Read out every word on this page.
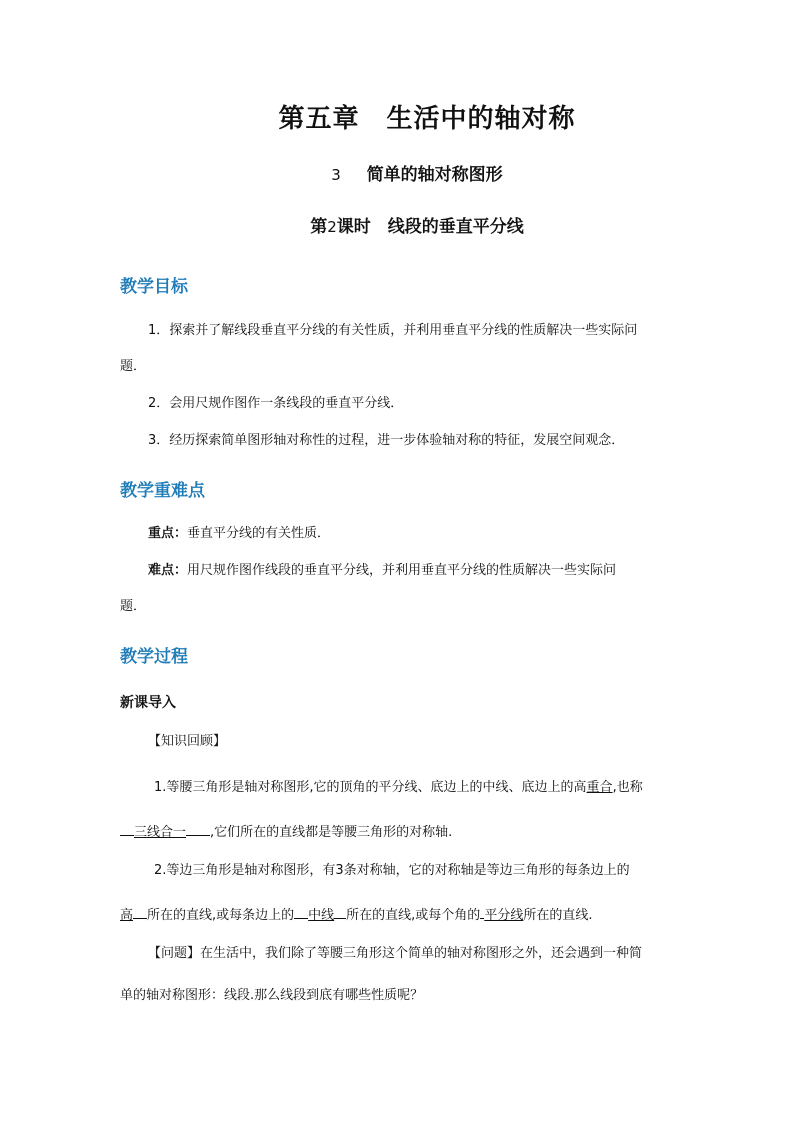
第五章　生活中的轴对称
3 简单的轴对称图形
第2课时　线段的垂直平分线
教学目标
1．探索并了解线段垂直平分线的有关性质，并利用垂直平分线的性质解决一些实际问
题．
2．会用尺规作图作一条线段的垂直平分线．
3．经历探索简单图形轴对称性的过程，进一步体验轴对称的特征，发展空间观念．
教学重难点
重点：垂直平分线的有关性质．
难点：用尺规作图作线段的垂直平分线，并利用垂直平分线的性质解决一些实际问
题．
教学过程
新课导入
【知识回顾】
1.等腰三角形是轴对称图形,它的顶角的平分线、底边上的中线、底边上的高重合,也称
三线合一 ,它们所在的直线都是等腰三角形的对称轴.
2.等边三角形是轴对称图形，有3条对称轴，它的对称轴是等边三角形的每条边上的
高 所在的直线,或每条边上的 中线 所在的直线,或每个角的 平分线所在的直线.
【问题】在生活中，我们除了等腰三角形这个简单的轴对称图形之外，还会遇到一种简
单的轴对称图形：线段.那么线段到底有哪些性质呢？
